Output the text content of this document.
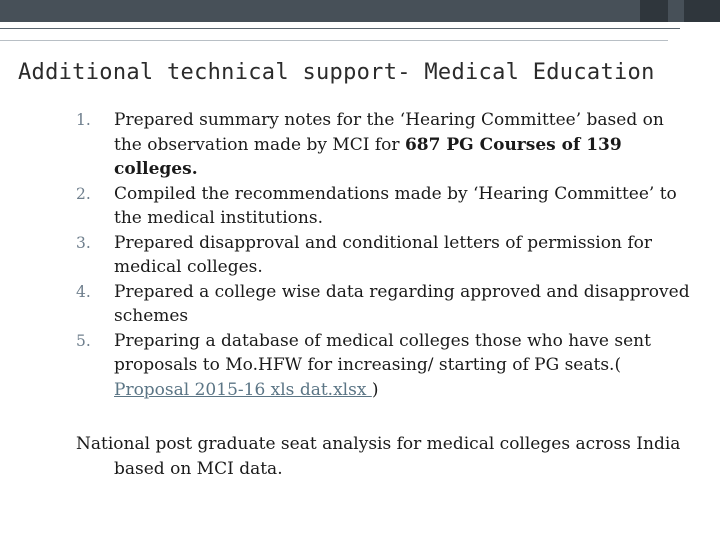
Additional technical support- Medical Education
1. Prepared summary notes for the ‘Hearing Committee’ based on the observation made by MCI for 687 PG Courses of 139 colleges.
2. Compiled the recommendations made by ‘Hearing Committee’ to the medical institutions.
3. Prepared disapproval and conditional letters of permission for medical colleges.
4. Prepared a college wise data regarding approved and disapproved schemes
5. Preparing a database of medical colleges those who have sent proposals to Mo.HFW for increasing/ starting of PG seats.( Proposal 2015-16 xls dat.xlsx )
National post graduate seat analysis for medical colleges across India based on MCI data.
